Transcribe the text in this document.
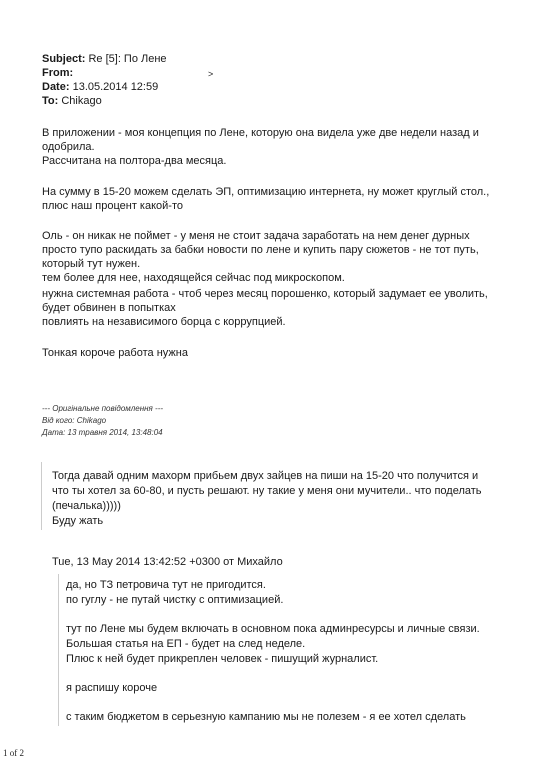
Subject: Re [5]: По Лене
From:	>
Date: 13.05.2014 12:59
To: Chikago
В приложении - моя концепция по Лене, которую она видела уже две недели назад и
одобрила.
Рассчитана на полтора-два месяца.
На сумму в 15-20 можем сделать ЭП, оптимизацию интернета, ну может круглый стол.,
плюс наш процент какой-то
Оль - он никак не поймет - у меня не стоит задача заработать на нем денег дурных
просто тупо раскидать за бабки новости по лене и купить пару сюжетов - не тот путь,
который тут нужен.
тем более для нее, находящейся сейчас под микроскопом.
нужна системная работа - чтоб через месяц порошенко, который задумает ее уволить,
будет обвинен в попытках
повлиять на независимого борца с коррупцией.
Тонкая короче работа нужна
--- Оригінальне повідомлення ---
Від кого: Chikago
Дата: 13 травня 2014, 13:48:04
Тогда давай одним махорм прибьем двух зайцев на пиши на 15-20 что получится и
что ты хотел за 60-80, и пусть решают. ну такие у меня они мучители.. что поделать
(печалька)))))
Буду жать
Tue, 13 May 2014 13:42:52 +0300 от Михайло
да, но ТЗ петровича тут не пригодится.
по гуглу - не путай чистку с оптимизацией.
тут по Лене мы будем включать в основном пока админресурсы и личные связи.
Большая статья на ЕП - будет на след неделе.
Плюс к ней будет прикреплен человек - пишущий журналист.
я распишу короче
с таким бюджетом в серьезную кампанию мы не полезем - я ее хотел сделать
1 of 2
